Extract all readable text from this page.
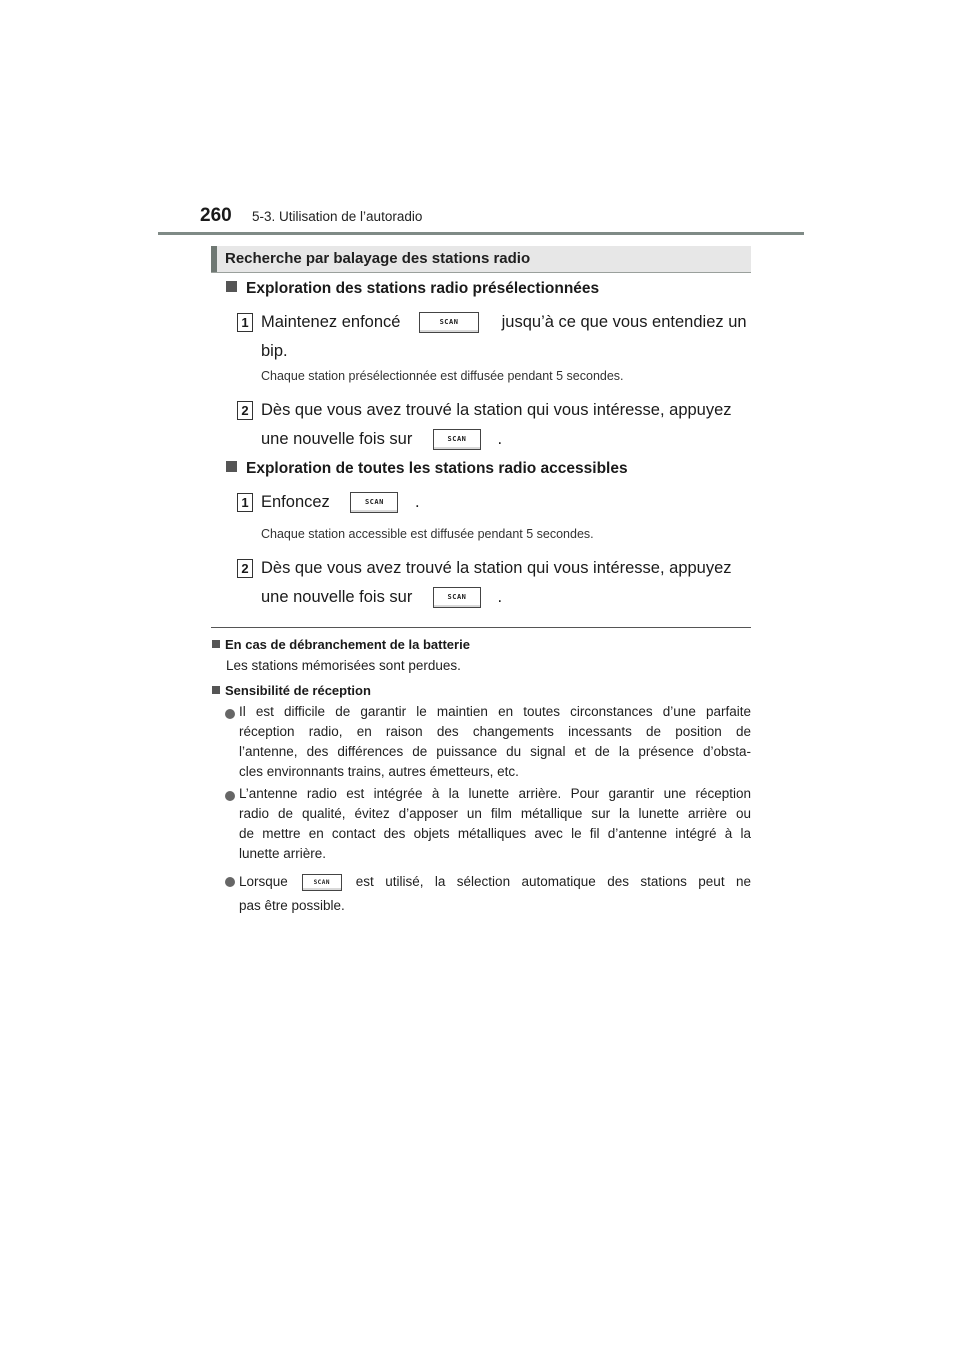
260 5-3. Utilisation de l’autoradio
Recherche par balayage des stations radio
Exploration des stations radio présélectionnées
1 Maintenez enfoncé	SCAN	jusqu’à ce que vous entendiez un
bip.
Chaque station présélectionnée est diffusée pendant 5 secondes.
2 Dès que vous avez trouvé la station qui vous intéresse, appuyez
une nouvelle fois sur	SCAN .
Exploration de toutes les stations radio accessibles
1 Enfoncez	SCAN .
Chaque station accessible est diffusée pendant 5 secondes.
2 Dès que vous avez trouvé la station qui vous intéresse, appuyez
une nouvelle fois sur	SCAN .
En cas de débranchement de la batterie
Les stations mémorisées sont perdues.
Sensibilité de réception
Il est difficile de garantir le maintien en toutes circonstances d’une parfaite
réception radio, en raison des changements incessants de position de
l’antenne, des différences de puissance du signal et de la présence d’obsta-
cles environnants trains, autres émetteurs, etc.
L’antenne radio est intégrée à la lunette arrière. Pour garantir une réception
radio de qualité, évitez d’apposer un film métallique sur la lunette arrière ou
de mettre en contact des objets métalliques avec le fil d’antenne intégré à la
lunette arrière.
Lorsque	SCAN	est utilisé, la sélection automatique des stations peut ne
pas être possible.
